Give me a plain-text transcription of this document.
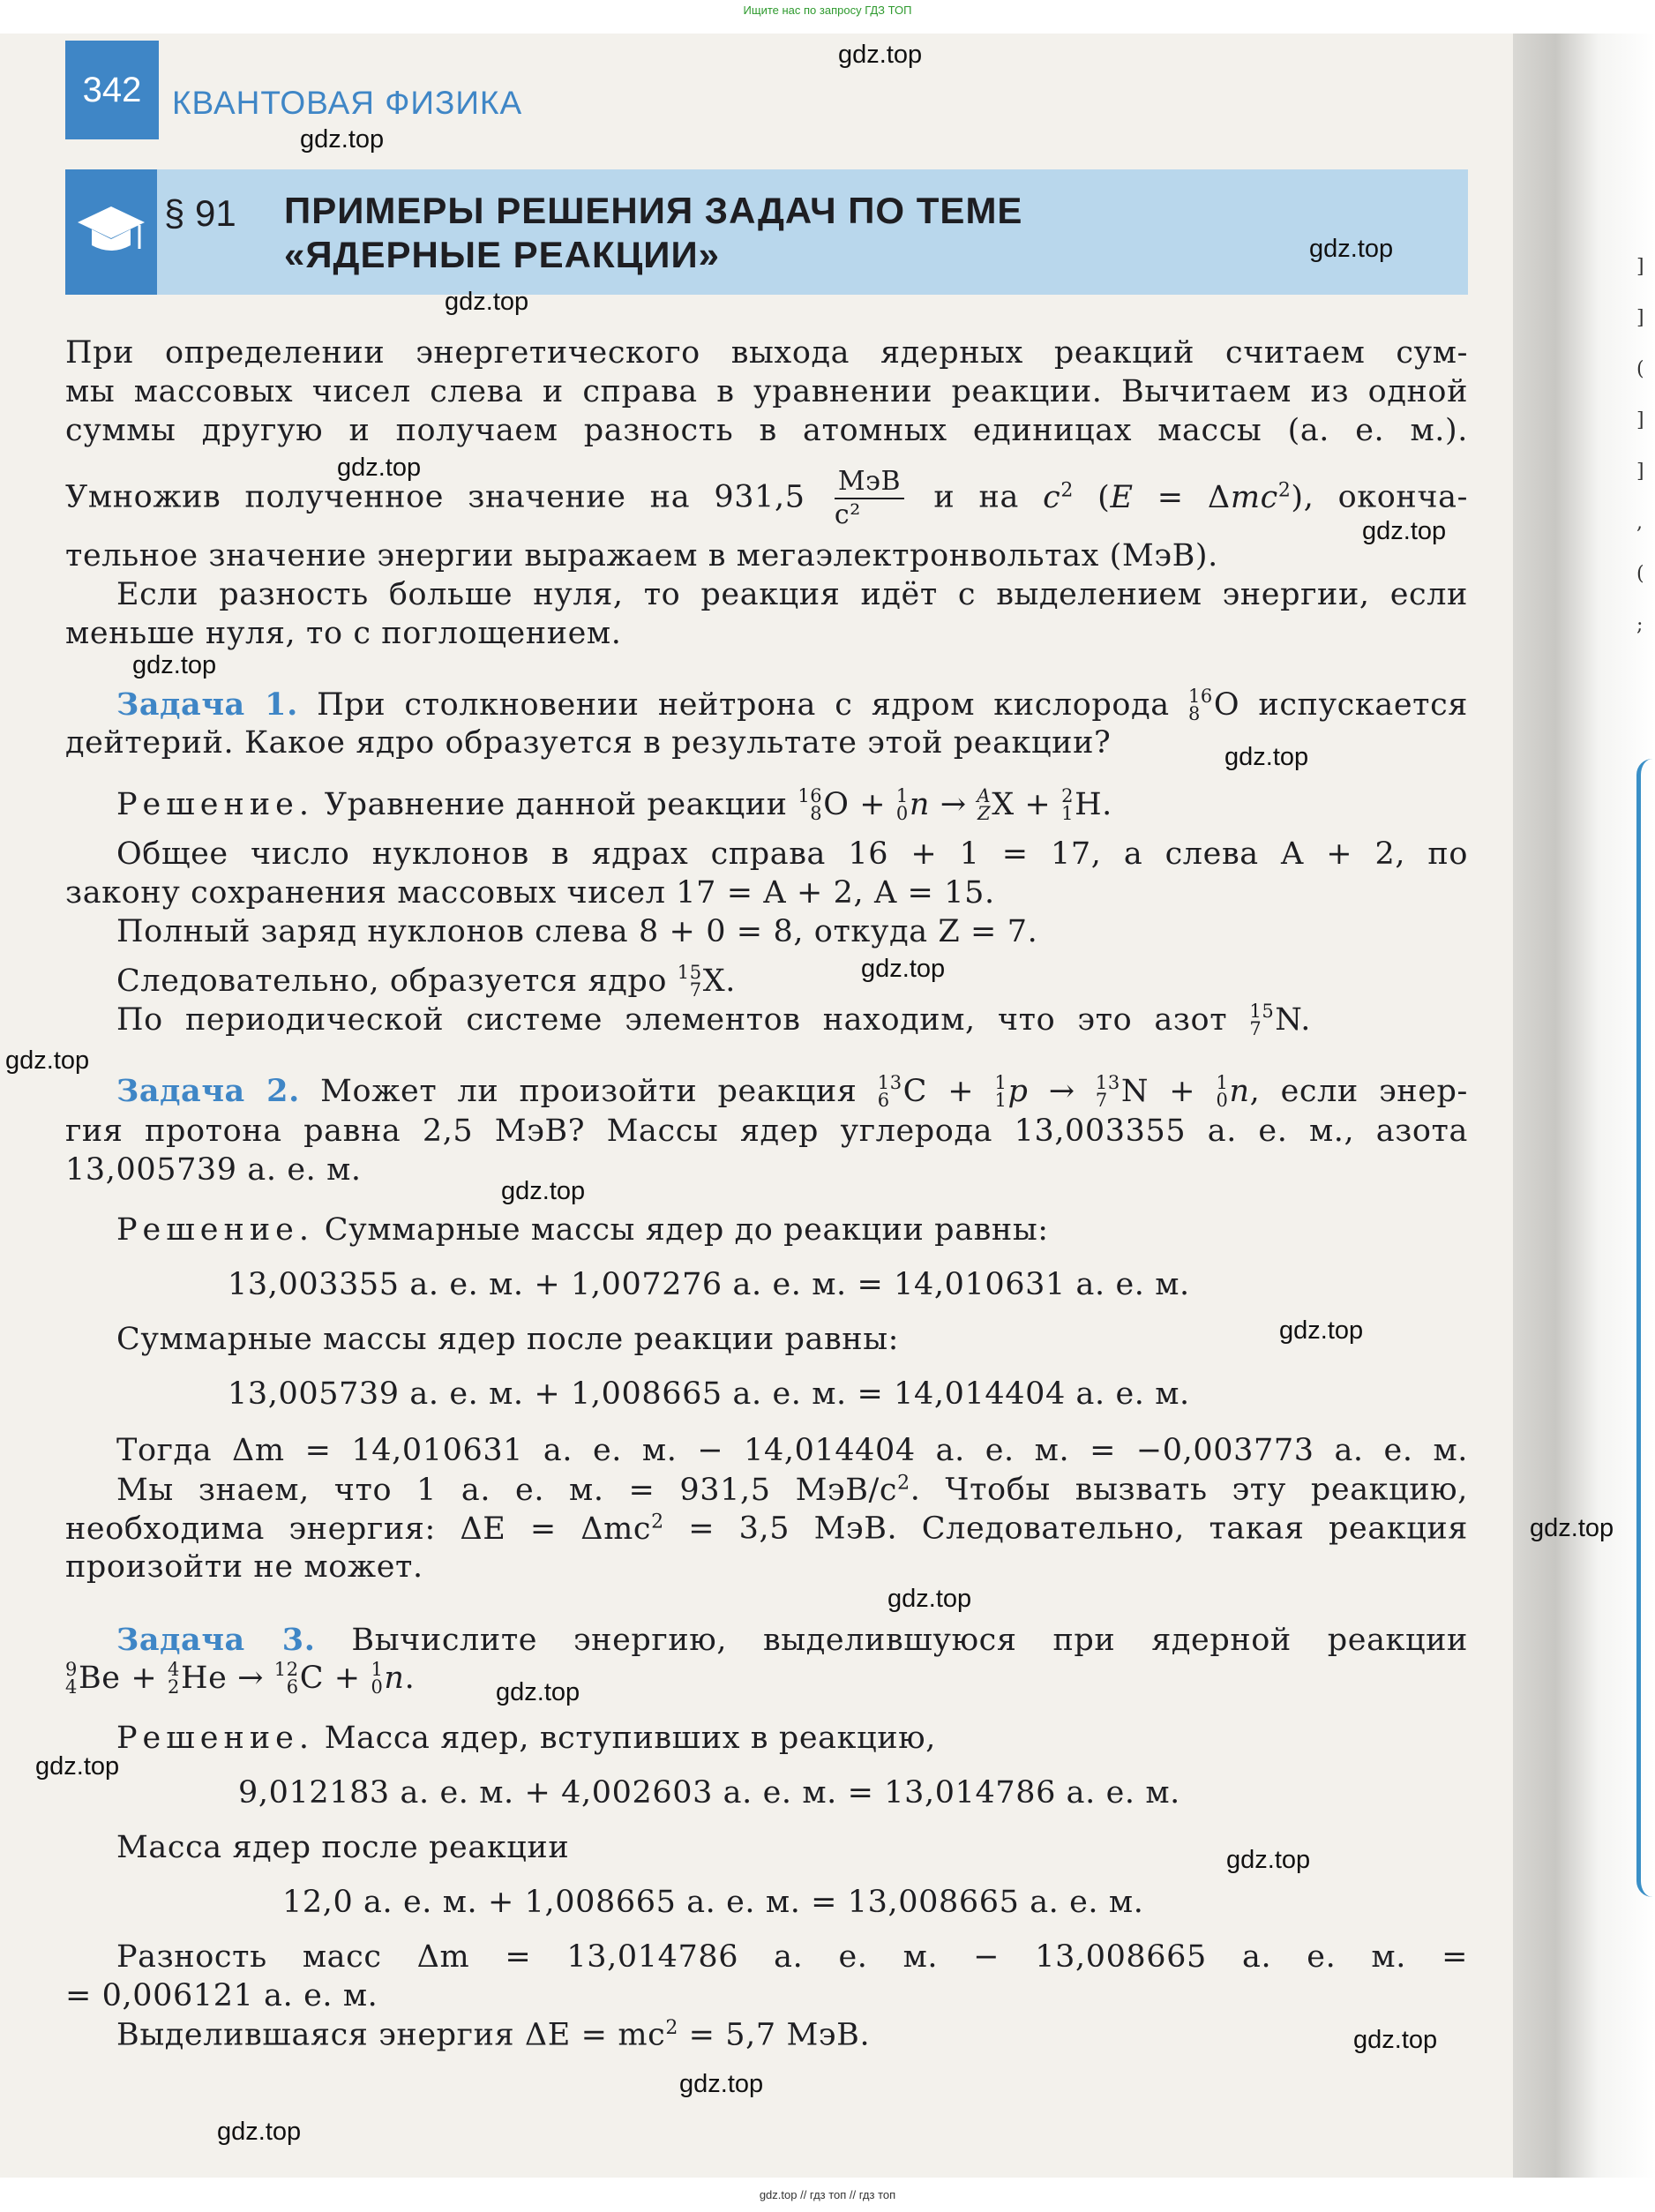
Ищите нас по запросу ГДЗ ТОП
]
]
(
]
]
,
(
;
342 КВАНТОВАЯ ФИЗИКА
§ 91 ПРИМЕРЫ РЕШЕНИЯ ЗАДАЧ ПО ТЕМЕ
«ЯДЕРНЫЕ РЕАКЦИИ»
При определении энергетического выхода ядерных реакций считаем сум-
мы массовых чисел слева и справа в уравнении реакции. Вычитаем из одной
суммы другую и получаем разность в атомных единицах массы (а. е. м.).
Умножив полученное значение на $931,5 \frac{\text{МэВ}}{\text{c²}}$ и на $c^2$ (E = Δmc$^2$), оконча-
тельное значение энергии выражаем в мегаэлектронвольтах (МэВ).
Если разность больше нуля, то реакция идёт с выделением энергии, если
меньше нуля, то с поглощением.
Задача 1. При столкновении нейтрона с ядром кислорода 16
8 O испускается
дейтерий. Какое ядро образуется в результате этой реакции?
Решение. Уравнение данной реакции 16
8 O + 1
0 n → A
Z X + 2
1 H.
Общее число нуклонов в ядрах справа 16 + 1 = 17, а слева A + 2, по
закону сохранения массовых чисел 17 = A + 2, A = 15.
Полный заряд нуклонов слева 8 + 0 = 8, откуда Z = 7.
Следовательно, образуется ядро 15
7 X.
По периодической системе элементов находим, что это азот 15
7 N.
Задача 2. Может ли произойти реакция 13
6 C + 1
1 p → 13
7 N + 1
0 n, если энер-
гия протона равна 2,5 МэВ? Массы ядер углерода 13,003355 а. е. м., азота
13,005739 а. е. м.
Решение. Суммарные массы ядер до реакции равны:
13,003355 а. е. м. + 1,007276 а. е. м. = 14,010631 а. е. м.
Суммарные массы ядер после реакции равны:
13,005739 а. е. м. + 1,008665 а. е. м. = 14,014404 а. е. м.
Тогда Δm = 14,010631 а. е. м. − 14,014404 а. е. м. = −0,003773 а. е. м.
Мы знаем, что 1 а. е. м. = 931,5 МэВ/$c^2$. Чтобы вызвать эту реакцию,
необходима энергия: ΔE = Δmc$^2$ = 3,5 МэВ. Следовательно, такая реакция
произойти не может.
Задача 3. Вычислите энергию, выделившуюся при ядерной реакции
9
4 Be + 4
2 He → 12
6 C + 1
0 n.
Решение. Масса ядер, вступивших в реакцию,
9,012183 а. е. м. + 4,002603 а. е. м. = 13,014786 а. е. м.
Масса ядер после реакции
12,0 а. е. м. + 1,008665 а. е. м. = 13,008665 а. е. м.
Разность масс Δm = 13,014786 а. е. м. − 13,008665 а. е. м. =
= 0,006121 а. е. м.
Выделившаяся энергия $\Delta E = mc^2 = 5,7$ МэВ.
gdz.top
gdz.top
gdz.top
gdz.top
gdz.top
gdz.top
gdz.top
gdz.top
gdz.top
gdz.top
gdz.top
gdz.top
gdz.top
gdz.top
gdz.top
gdz.top
gdz.top
gdz.top
gdz.top
gdz.top
gdz.top // гдз топ // гдз топ
